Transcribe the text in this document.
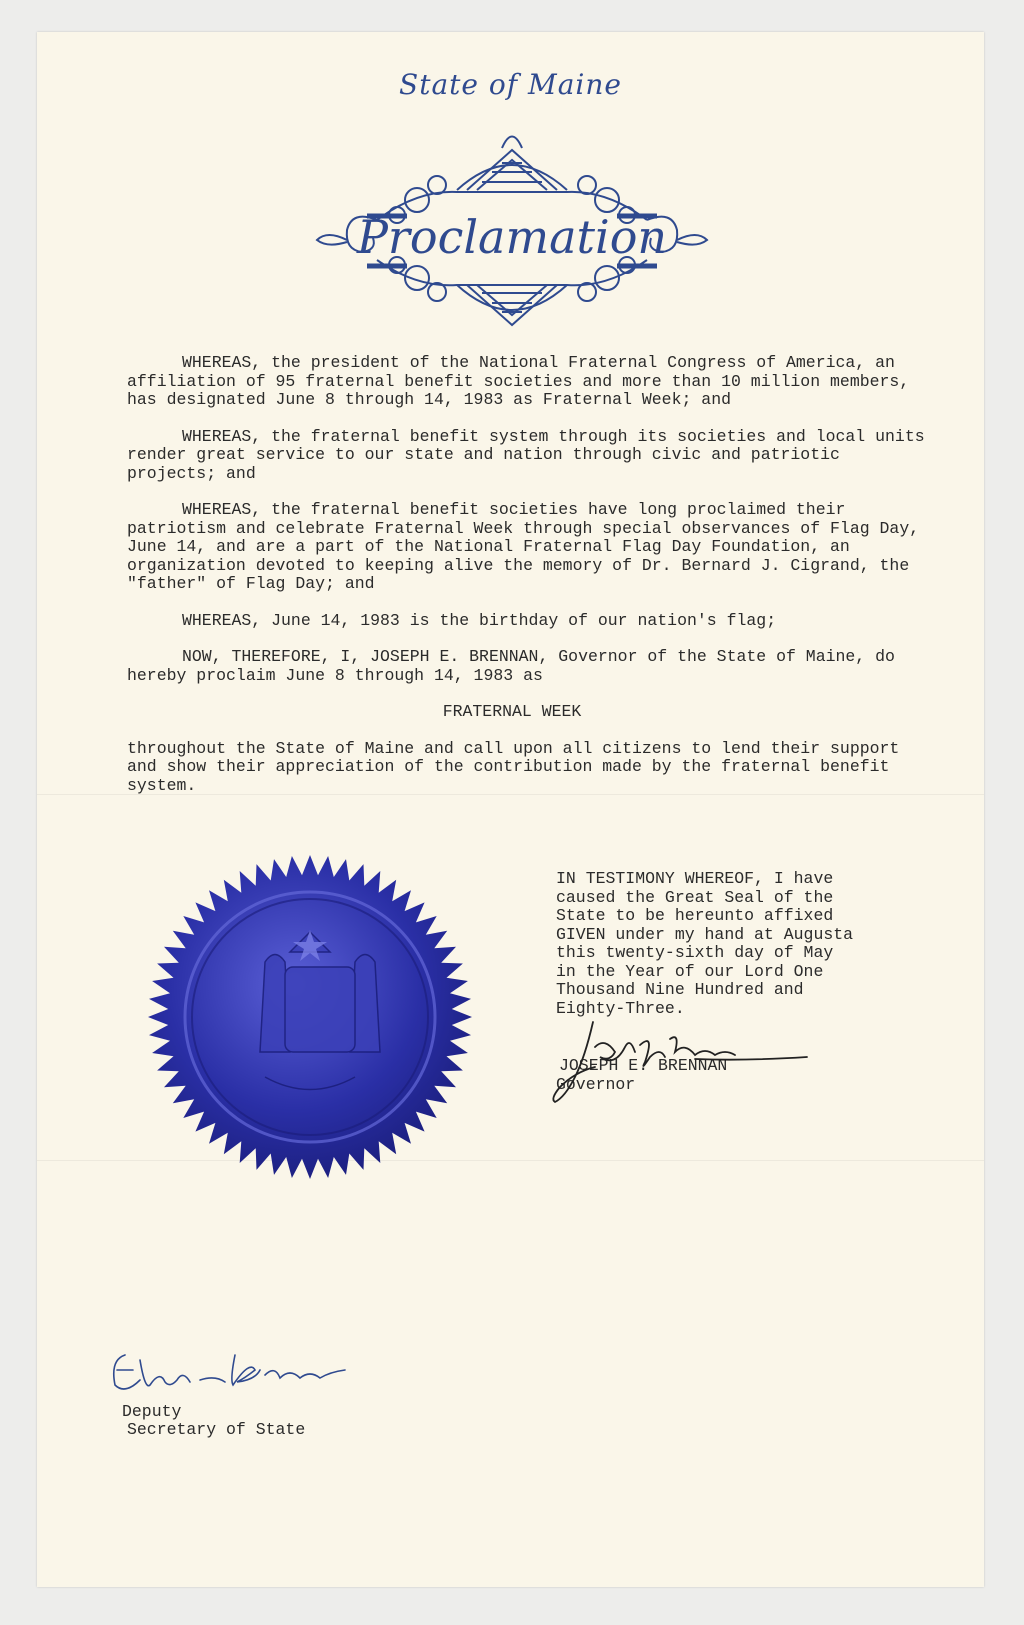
State of Maine
Proclamation

WHEREAS, the president of the National Fraternal Congress of America, an affiliation of 95 fraternal benefit societies and more than 10 million members, has designated June 8 through 14, 1983 as Fraternal Week; and

WHEREAS, the fraternal benefit system through its societies and local units render great service to our state and nation through civic and patriotic projects; and

WHEREAS, the fraternal benefit societies have long proclaimed their patriotism and celebrate Fraternal Week through special observances of Flag Day, June 14, and are a part of the National Fraternal Flag Day Foundation, an organization devoted to keeping alive the memory of Dr. Bernard J. Cigrand, the "father" of Flag Day; and

WHEREAS, June 14, 1983 is the birthday of our nation's flag;

NOW, THEREFORE, I, JOSEPH E. BRENNAN, Governor of the State of Maine, do hereby proclaim June 8 through 14, 1983 as

FRATERNAL WEEK

throughout the State of Maine and call upon all citizens to lend their support and show their appreciation of the contribution made by the fraternal benefit system.

IN TESTIMONY WHEREOF, I have
caused the Great Seal of the
State to be hereunto affixed
GIVEN under my hand at Augusta
this twenty-sixth day of May
in the Year of our Lord One
Thousand Nine Hundred and
Eighty-Three.
JOSEPH E. BRENNAN
Governor
Deputy
Secretary of State
